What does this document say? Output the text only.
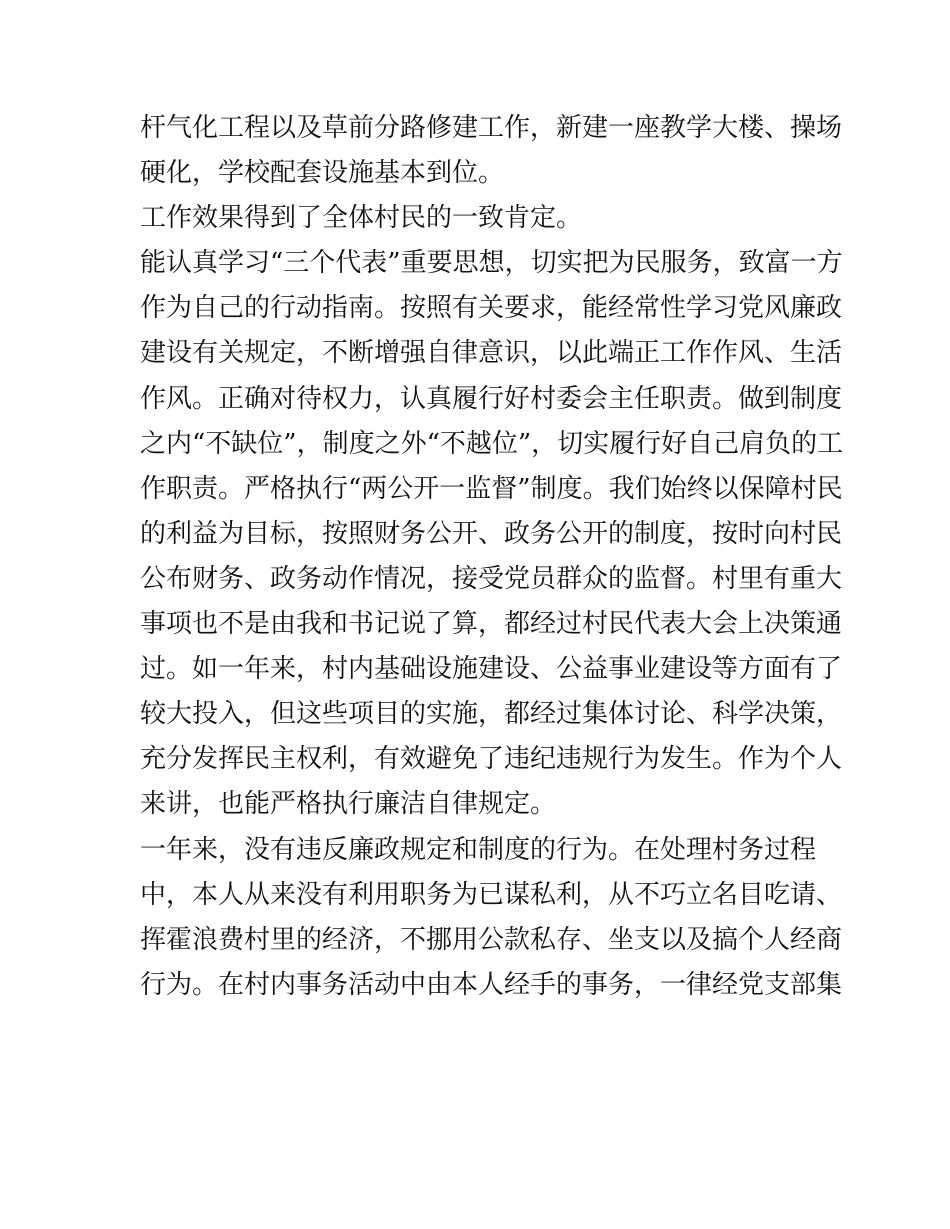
杆气化工程以及草前分路修建工作，新建一座教学大楼、操场
硬化，学校配套设施基本到位。
工作效果得到了全体村民的一致肯定。
能认真学习“三个代表”重要思想，切实把为民服务，致富一方
作为自己的行动指南。按照有关要求，能经常性学习党风廉政
建设有关规定，不断增强自律意识，以此端正工作作风、生活
作风。正确对待权力，认真履行好村委会主任职责。做到制度
之内“不缺位”，制度之外“不越位”，切实履行好自己肩负的工
作职责。严格执行“两公开一监督”制度。我们始终以保障村民
的利益为目标，按照财务公开、政务公开的制度，按时向村民
公布财务、政务动作情况，接受党员群众的监督。村里有重大
事项也不是由我和书记说了算，都经过村民代表大会上决策通
过。如一年来，村内基础设施建设、公益事业建设等方面有了
较大投入，但这些项目的实施，都经过集体讨论、科学决策，
充分发挥民主权利，有效避免了违纪违规行为发生。作为个人
来讲，也能严格执行廉洁自律规定。
一年来，没有违反廉政规定和制度的行为。在处理村务过程
中，本人从来没有利用职务为已谋私利，从不巧立名目吃请、
挥霍浪费村里的经济，不挪用公款私存、坐支以及搞个人经商
行为。在村内事务活动中由本人经手的事务，一律经党支部集
